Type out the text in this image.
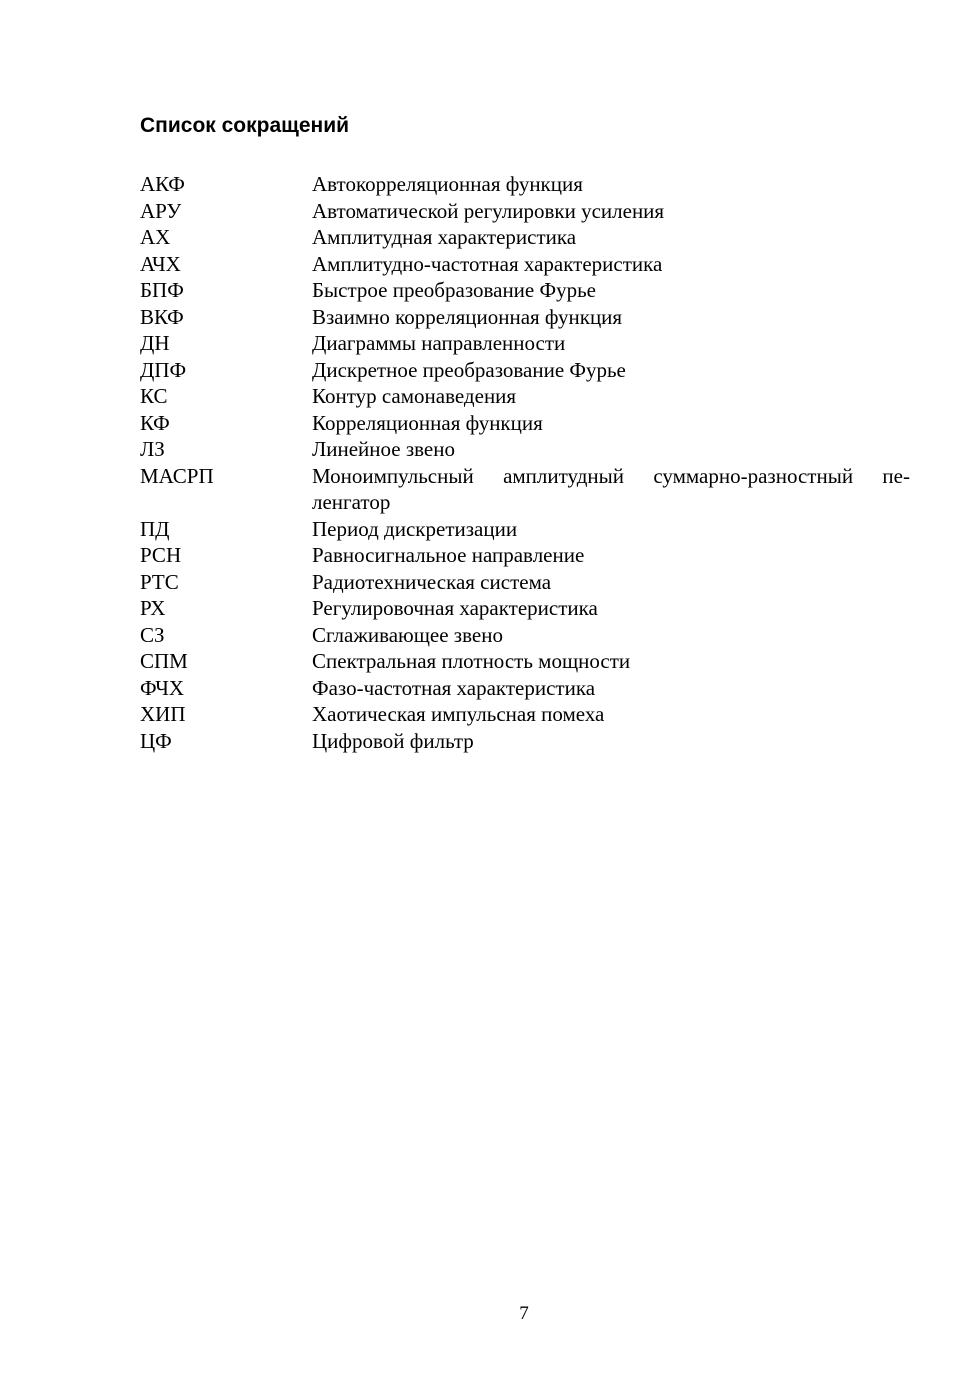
Список сокращений
АКФ	Автокорреляционная функция
АРУ	Автоматической регулировки усиления
АХ	Амплитудная характеристика
АЧХ	Амплитудно-частотная характеристика
БПФ	Быстрое преобразование Фурье
ВКФ	Взаимно корреляционная функция
ДН	Диаграммы направленности
ДПФ	Дискретное преобразование Фурье
КС	Контур самонаведения
КФ	Корреляционная функция
ЛЗ	Линейное звено
МАСРП	Моноимпульсный амплитудный суммарно-разностный пе-ленгатор
ПД	Период дискретизации
РСН	Равносигнальное направление
РТС	Радиотехническая система
РХ	Регулировочная характеристика
СЗ	Сглаживающее звено
СПМ	Спектральная плотность мощности
ФЧХ	Фазо-частотная характеристика
ХИП	Хаотическая импульсная помеха
ЦФ	Цифровой фильтр
7
